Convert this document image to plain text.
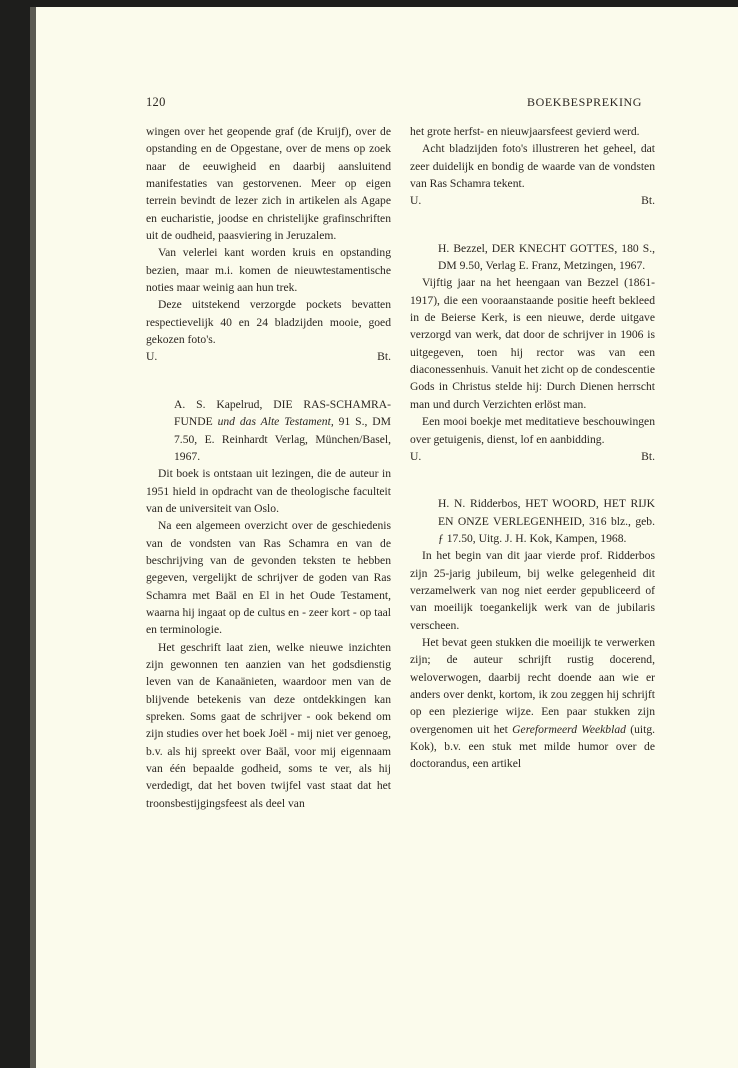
120	BOEKBESPREKING

wingen over het geopende graf (de Kruijf), over de opstanding en de Opgestane, over de mens op zoek naar de eeuwigheid en daarbij aansluitend manifestaties van gestorvenen. Meer op eigen terrein bevindt de lezer zich in artikelen als Agape en eucharistie, joodse en christelijke grafinschriften uit de oudheid, paasviering in Jeruzalem.

Van velerlei kant worden kruis en opstanding bezien, maar m.i. komen de nieuwtestamentische noties maar weinig aan hun trek.

Deze uitstekend verzorgde pockets bevatten respectievelijk 40 en 24 bladzijden mooie, goed gekozen foto's.

U.	Bt.

A. S. Kapelrud, DIE RAS-SCHAMRA-FUNDE und das Alte Testament, 91 S., DM 7.50, E. Reinhardt Verlag, München/Basel, 1967.

Dit boek is ontstaan uit lezingen, die de auteur in 1951 hield in opdracht van de theologische faculteit van de universiteit van Oslo.

Na een algemeen overzicht over de geschiedenis van de vondsten van Ras Schamra en van de beschrijving van de gevonden teksten te hebben gegeven, vergelijkt de schrijver de goden van Ras Schamra met Baäl en El in het Oude Testament, waarna hij ingaat op de cultus en - zeer kort - op taal en terminologie.

Het geschrift laat zien, welke nieuwe inzichten zijn gewonnen ten aanzien van het godsdienstig leven van de Kanaänieten, waardoor men van de blijvende betekenis van deze ontdekkingen kan spreken. Soms gaat de schrijver - ook bekend om zijn studies over het boek Joël - mij niet ver genoeg, b.v. als hij spreekt over Baäl, voor mij eigennaam van één bepaalde godheid, soms te ver, als hij verdedigt, dat het boven twijfel vast staat dat het troonsbestijgingsfeest als deel van

het grote herfst- en nieuwjaarsfeest gevierd werd.

Acht bladzijden foto's illustreren het geheel, dat zeer duidelijk en bondig de waarde van de vondsten van Ras Schamra tekent.

U.	Bt.

H. Bezzel, DER KNECHT GOTTES, 180 S., DM 9.50, Verlag E. Franz, Metzingen, 1967.

Vijftig jaar na het heengaan van Bezzel (1861-1917), die een vooraanstaande positie heeft bekleed in de Beierse Kerk, is een nieuwe, derde uitgave verzorgd van werk, dat door de schrijver in 1906 is uitgegeven, toen hij rector was van een diaconessenhuis. Vanuit het zicht op de condescentie Gods in Christus stelde hij: Durch Dienen herrscht man und durch Verzichten erlöst man.

Een mooi boekje met meditatieve beschouwingen over getuigenis, dienst, lof en aanbidding.

U.	Bt.

H. N. Ridderbos, HET WOORD, HET RIJK EN ONZE VERLEGENHEID, 316 blz., geb. ƒ 17.50, Uitg. J. H. Kok, Kampen, 1968.

In het begin van dit jaar vierde prof. Ridderbos zijn 25-jarig jubileum, bij welke gelegenheid dit verzamelwerk van nog niet eerder gepubliceerd of van moeilijk toegankelijk werk van de jubilaris verscheen.

Het bevat geen stukken die moeilijk te verwerken zijn; de auteur schrijft rustig docerend, weloverwogen, daarbij recht doende aan wie er anders over denkt, kortom, ik zou zeggen hij schrijft op een plezierige wijze. Een paar stukken zijn overgenomen uit het Gereformeerd Weekblad (uitg. Kok), b.v. een stuk met milde humor over de doctorandus, een artikel
